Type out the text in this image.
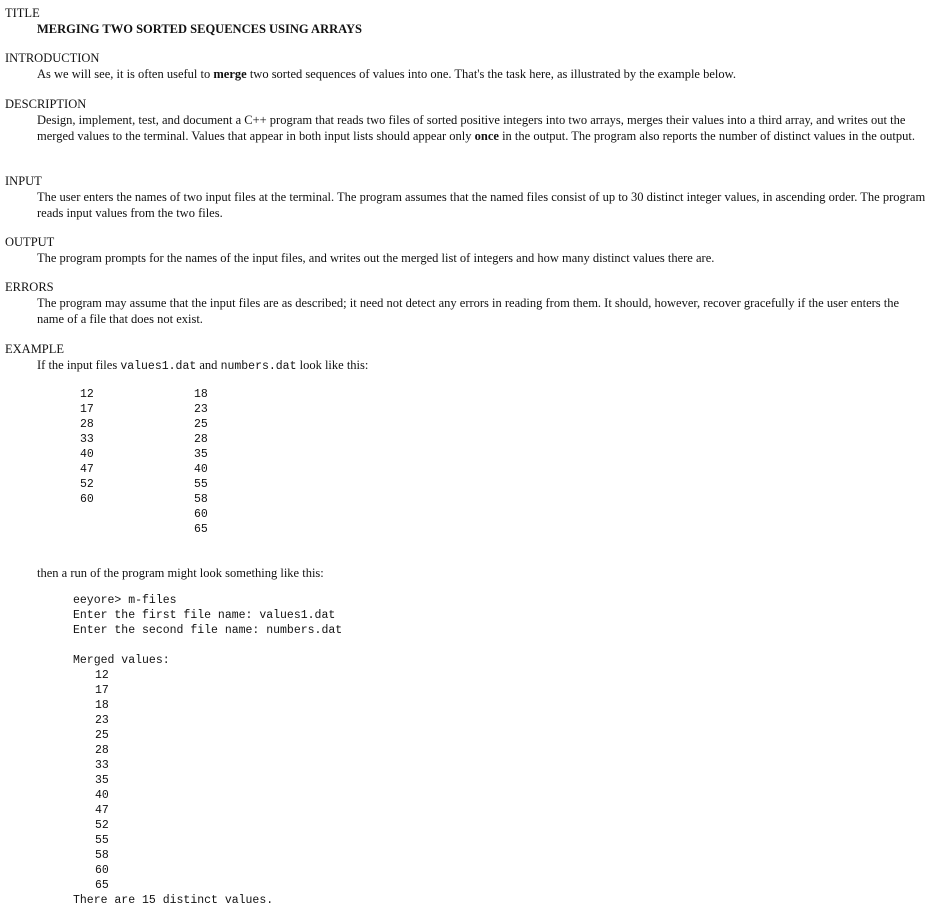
TITLE
MERGING TWO SORTED SEQUENCES USING ARRAYS
INTRODUCTION
As we will see, it is often useful to merge two sorted sequences of values into one. That's the task here, as illustrated by the example below.
DESCRIPTION
Design, implement, test, and document a C++ program that reads two files of sorted positive integers into two arrays, merges their values into a third array, and writes out the merged values to the terminal. Values that appear in both input lists should appear only once in the output. The program also reports the number of distinct values in the output.
INPUT
The user enters the names of two input files at the terminal. The program assumes that the named files consist of up to 30 distinct integer values, in ascending order. The program reads input values from the two files.
OUTPUT
The program prompts for the names of the input files, and writes out the merged list of integers and how many distinct values there are.
ERRORS
The program may assume that the input files are as described; it need not detect any errors in reading from them. It should, however, recover gracefully if the user enters the name of a file that does not exist.
EXAMPLE
If the input files values1.dat and numbers.dat look like this:
12
17
28
33
40
47
52
60
18
23
25
28
35
40
55
58
60
65
then a run of the program might look something like this:
eeyore> m-files
Enter the first file name: values1.dat
Enter the second file name: numbers.dat
Merged values:
12
17
18
23
25
28
33
35
40
47
52
55
58
60
65
There are 15 distinct values.
